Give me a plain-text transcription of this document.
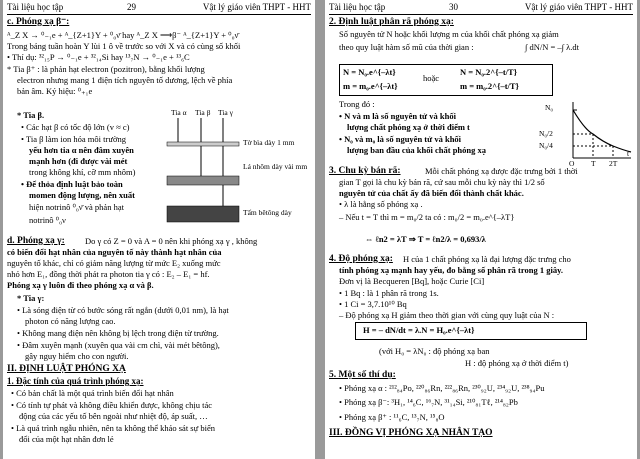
Tài liệu học tập	29	Vật lý giáo viên THPT - HHT
c. Phóng xạ β⁻:
ᴬ_Z X → ⁰₋₁e + ᴬ_{Z+1}Y + ⁰₀ν̄ hay ᴬ_Z X ⟶β⁻ ᴬ_{Z+1}Y + ⁰₀ν̄
Trong bảng tuần hoàn Y lùi 1 ô về trước so với X và có cùng số khối
• Thí dụ: ³²₁₅P → ⁰₋₁e + ³²₁₄Si hay ¹³₇N → ⁰₋₁e + ¹³₆C
* Tia β⁺ : là phản hạt electron (pozitron), bằng khối lượng
electron nhưng mang 1 điện tích nguyên tố dương, lệch về phía
bản âm. Ký hiệu: ⁰₊₁e
Tia α Tia β Tia γ
Tờ bìa dày 1 mm
Lá nhôm dày vài mm
Tấm bêtông dày
* Tia β.
• Các hạt β có tốc độ lớn (v ≈ c)
• Tia β làm ion hóa môi trường
yếu hơn tia α nên đâm xuyên
mạnh hơn (đi được vài mét
trong không khí, cỡ mm nhôm)
• Để thỏa định luật bảo toàn
momen động lượng, nên xuất
hiện notrinô ⁰₀ν̄ và phản hạt
notrinô ⁰₀ν
d. Phóng xạ γ: Do γ có Z = 0 và A = 0 nên khi phóng xạ γ , không
có biến đổi hạt nhân của nguyên tố này thành hạt nhân của
nguyên tố khác, chỉ có giảm năng lượng từ mức E₂ xuống mức
nhỏ hơn E₁, đồng thời phát ra photon tia γ có : E₂ – E₁ = hf.
Phóng xạ γ luôn đi theo phóng xạ α và β.
* Tia γ:
• Là sóng điện từ có bước sóng rất ngắn (dưới 0,01 nm), là hạt
photon có năng lượng cao.
• Không mang điện nên không bị lệch trong điện từ trường.
• Đâm xuyên mạnh (xuyên qua vài cm chì, vài mét bêtông),
gây nguy hiểm cho con người.
II. ĐỊNH LUẬT PHÓNG XẠ
1. Đặc tính của quá trình phóng xạ:
• Có bản chất là một quá trình biến đổi hạt nhân
• Có tính tự phát và không điều khiển được, không chịu tác
động của các yếu tố bên ngoài như nhiệt độ, áp suất, …
• Là quá trình ngẫu nhiên, nên ta không thể khảo sát sự biến
đổi của một hạt nhân đơn lẻ
Tài liệu học tập	30	Vật lý giáo viên THPT - HHT
2. Định luật phân rã phóng xạ:
Số nguyên tử N hoặc khối lượng m của khối chất phóng xạ giảm
theo quy luật hàm số mũ của thời gian :	∫ dN/N = –∫ λ.dt
N = N₀.e^{–λt}
hoặc
N = N₀.2^{–t/T}
m = m₀.e^{–λt}	m = m₀.2^{–t/T}
Trong đó :
• N và m là số nguyên tử và khối
lượng chất phóng xạ ở thời điểm t
• N₀ và m₀ là số nguyên tử và khối
lượng ban đầu của khối chất phóng xạ
N₀
N₀/2
N₀/4
O T 2T
t
3. Chu kỳ bán rã:	Mỗi chất phóng xạ được đặc trưng bởi 1 thời
gian T gọi là chu kỳ bán rã, cứ sau mỗi chu kỳ này thì 1/2 số
nguyên tử của chất ấy đã biến đổi thành chất khác.
• λ là hằng số phóng xạ .
– Nếu t = T thì m = m₀/2 ta có : m₀/2 = m₀.e^{–λT}
⇔ ℓn2 = λT ⇒ T = ℓn2/λ = 0,693/λ
4. Độ phóng xạ: H của 1 chất phóng xạ là đại lượng đặc trưng cho
tính phóng xạ mạnh hay yếu, đo bằng số phân rã trong 1 giây.
Đơn vị là Becqueren [Bq], hoặc Curie [Ci]
• 1 Bq : là 1 phân rã trong 1s.
• 1 Ci = 3,7.10¹⁰ Bq
– Độ phóng xạ H giảm theo thời gian với cùng quy luật của N :
H = – dN/dt = λ.N = H₀.e^{–λt}
(với H₀ = λN₀ : độ phóng xạ ban
H : độ phóng xạ ở thời điểm t)
5. Một số thí dụ:
• Phóng xạ α : ²¹²₈₄Po, ²²⁰₈₆Rn, ²²²₈₆Rn, ²³⁰₉₂U, ²³⁴₉₂U, ²³⁸₉₄Pu
• Phóng xạ β⁻: ³H₁, ¹⁴₆C, ¹⁶₇N, ³¹₁₄Si, ²¹⁰₈₁Tℓ, ²¹⁴₈₂Pb
• Phóng xạ β⁺ : ¹¹₆C, ¹³₇N, ¹⁵₈O
III. ĐỒNG VỊ PHÓNG XẠ NHÂN TẠO
